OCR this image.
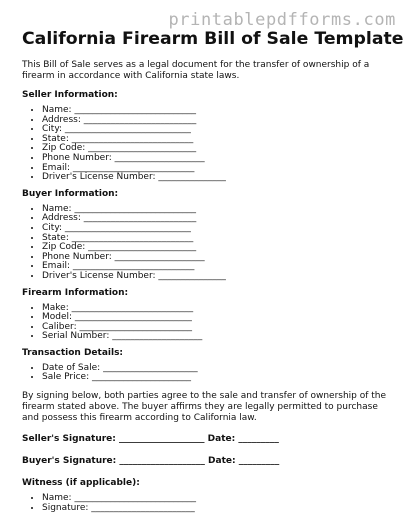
printablepdfforms.com
California Firearm Bill of Sale Template

This Bill of Sale serves as a legal document for the transfer of ownership of a firearm in accordance with California state laws.

Seller Information:

• Name: ___________________________
• Address: _________________________
• City: ____________________________
• State: ___________________________
• Zip Code: ________________________
• Phone Number: ____________________
• Email: ___________________________
• Driver's License Number: _______________

Buyer Information:

• Name: ___________________________
• Address: _________________________
• City: ____________________________
• State: ___________________________
• Zip Code: ________________________
• Phone Number: ____________________
• Email: ___________________________
• Driver's License Number: _______________

Firearm Information:

• Make: ___________________________
• Model: __________________________
• Caliber: _________________________
• Serial Number: ____________________

Transaction Details:

• Date of Sale: _____________________
• Sale Price: ______________________

By signing below, both parties agree to the sale and transfer of ownership of the firearm stated above. The buyer affirms they are legally permitted to purchase and possess this firearm according to California law.

Seller's Signature: ___________________ Date: _________

Buyer's Signature: ___________________ Date: _________

Witness (if applicable):

• Name: ___________________________
• Signature: _______________________
